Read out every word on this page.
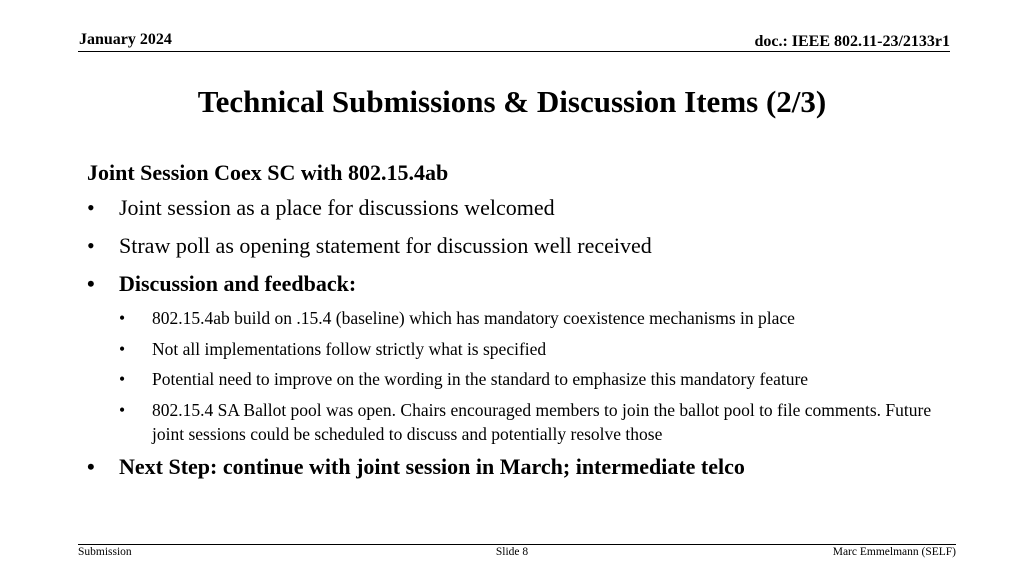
January 2024	doc.: IEEE 802.11-23/2133r1
Technical Submissions & Discussion Items (2/3)
Joint Session Coex SC with 802.15.4ab
• Joint session as a place for discussions welcomed
• Straw poll as opening statement for discussion well received
• Discussion and feedback:
• 802.15.4ab build on .15.4 (baseline) which has mandatory coexistence mechanisms in place
• Not all implementations follow strictly what is specified
• Potential need to improve on the wording in the standard to emphasize this mandatory feature
• 802.15.4 SA Ballot pool was open. Chairs encouraged members to join the ballot pool to file comments. Future joint sessions could be scheduled to discuss and potentially resolve those
• Next Step: continue with joint session in March; intermediate telco
Submission	Slide 8	Marc Emmelmann (SELF)
